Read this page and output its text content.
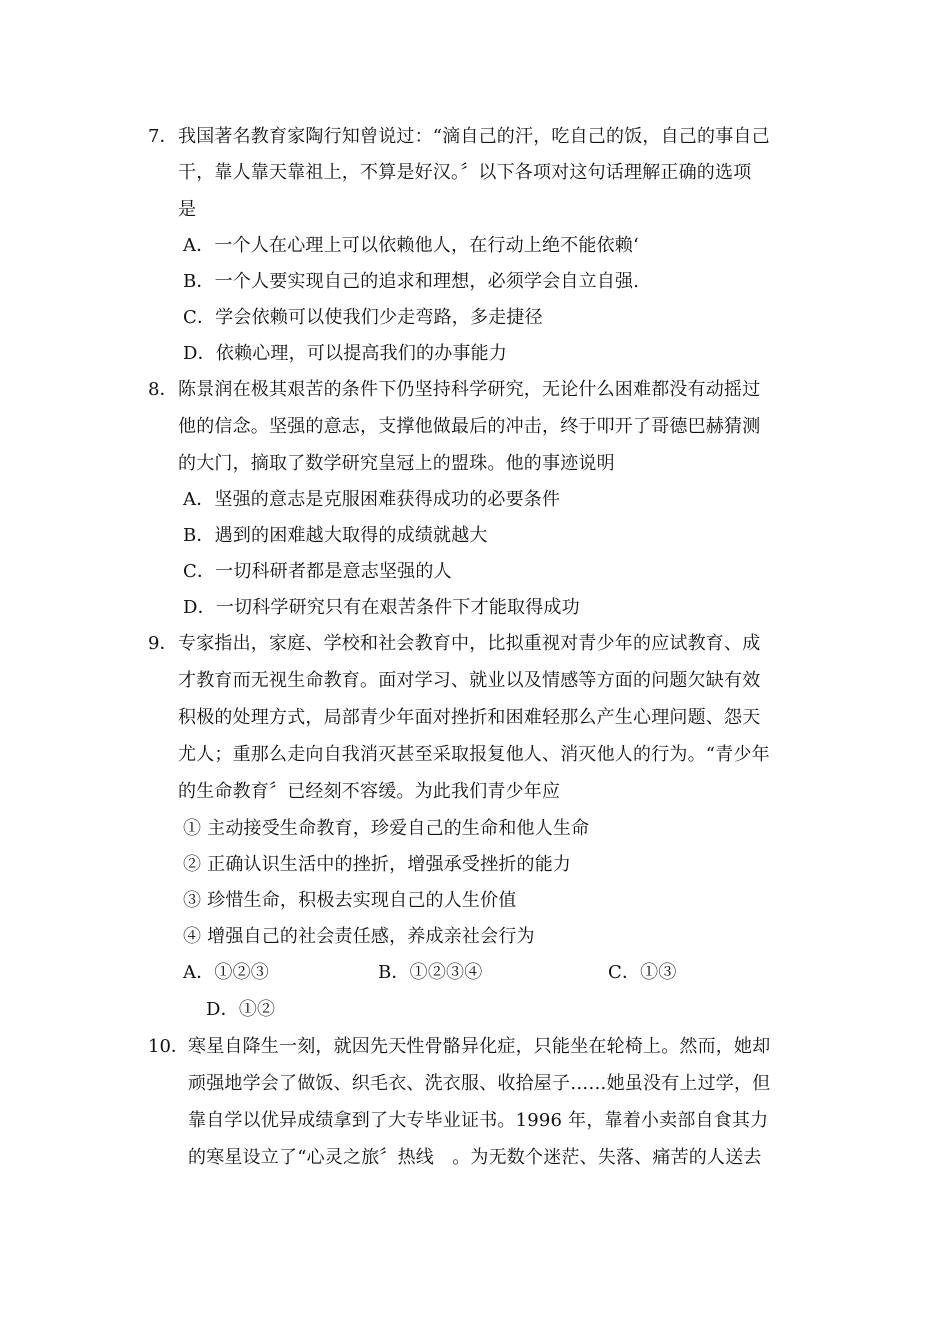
7． 我国著名教育家陶行知曾说过：“滴自己的汗，吃自己的饭，自己的事自己
干，靠人靠天靠祖上，不算是好汉。〞以下各项对这句话理解正确的选项
是
A．一个人在心理上可以依赖他人，在行动上绝不能依赖‘
B．一个人要实现自己的追求和理想，必须学会自立自强.
C．学会依赖可以使我们少走弯路，多走捷径
D．依赖心理，可以提高我们的办事能力
8． 陈景润在极其艰苦的条件下仍坚持科学研究，无论什么困难都没有动摇过
他的信念。坚强的意志，支撑他做最后的冲击，终于叩开了哥德巴赫猜测
的大门，摘取了数学研究皇冠上的盟珠。他的事迹说明
A．坚强的意志是克服困难获得成功的必要条件
B．遇到的困难越大取得的成绩就越大
C．一切科研者都是意志坚强的人
D．一切科学研究只有在艰苦条件下才能取得成功
9． 专家指出，家庭、学校和社会教育中，比拟重视对青少年的应试教育、成
才教育而无视生命教育。面对学习、就业以及情感等方面的问题欠缺有效
积极的处理方式，局部青少年面对挫折和困难轻那么产生心理问题、怨天
尤人；重那么走向自我消灭甚至采取报复他人、消灭他人的行为。“青少年
的生命教育〞已经刻不容缓。为此我们青少年应
① 主动接受生命教育，珍爱自己的生命和他人生命
② 正确认识生活中的挫折，增强承受挫折的能力
③ 珍惜生命，积极去实现自己的人生价值
④ 增强自己的社会责任感，养成亲社会行为
A．①②③	B．①②③④	C．①③
D．①②
10． 寒星自降生一刻，就因先天性骨骼异化症，只能坐在轮椅上。然而，她却
顽强地学会了做饭、织毛衣、洗衣服、收拾屋子……她虽没有上过学，但
靠自学以优异成绩拿到了大专毕业证书。1996 年，靠着小卖部自食其力
的寒星设立了“心灵之旅〞热线　。为无数个迷茫、失落、痛苦的人送去
